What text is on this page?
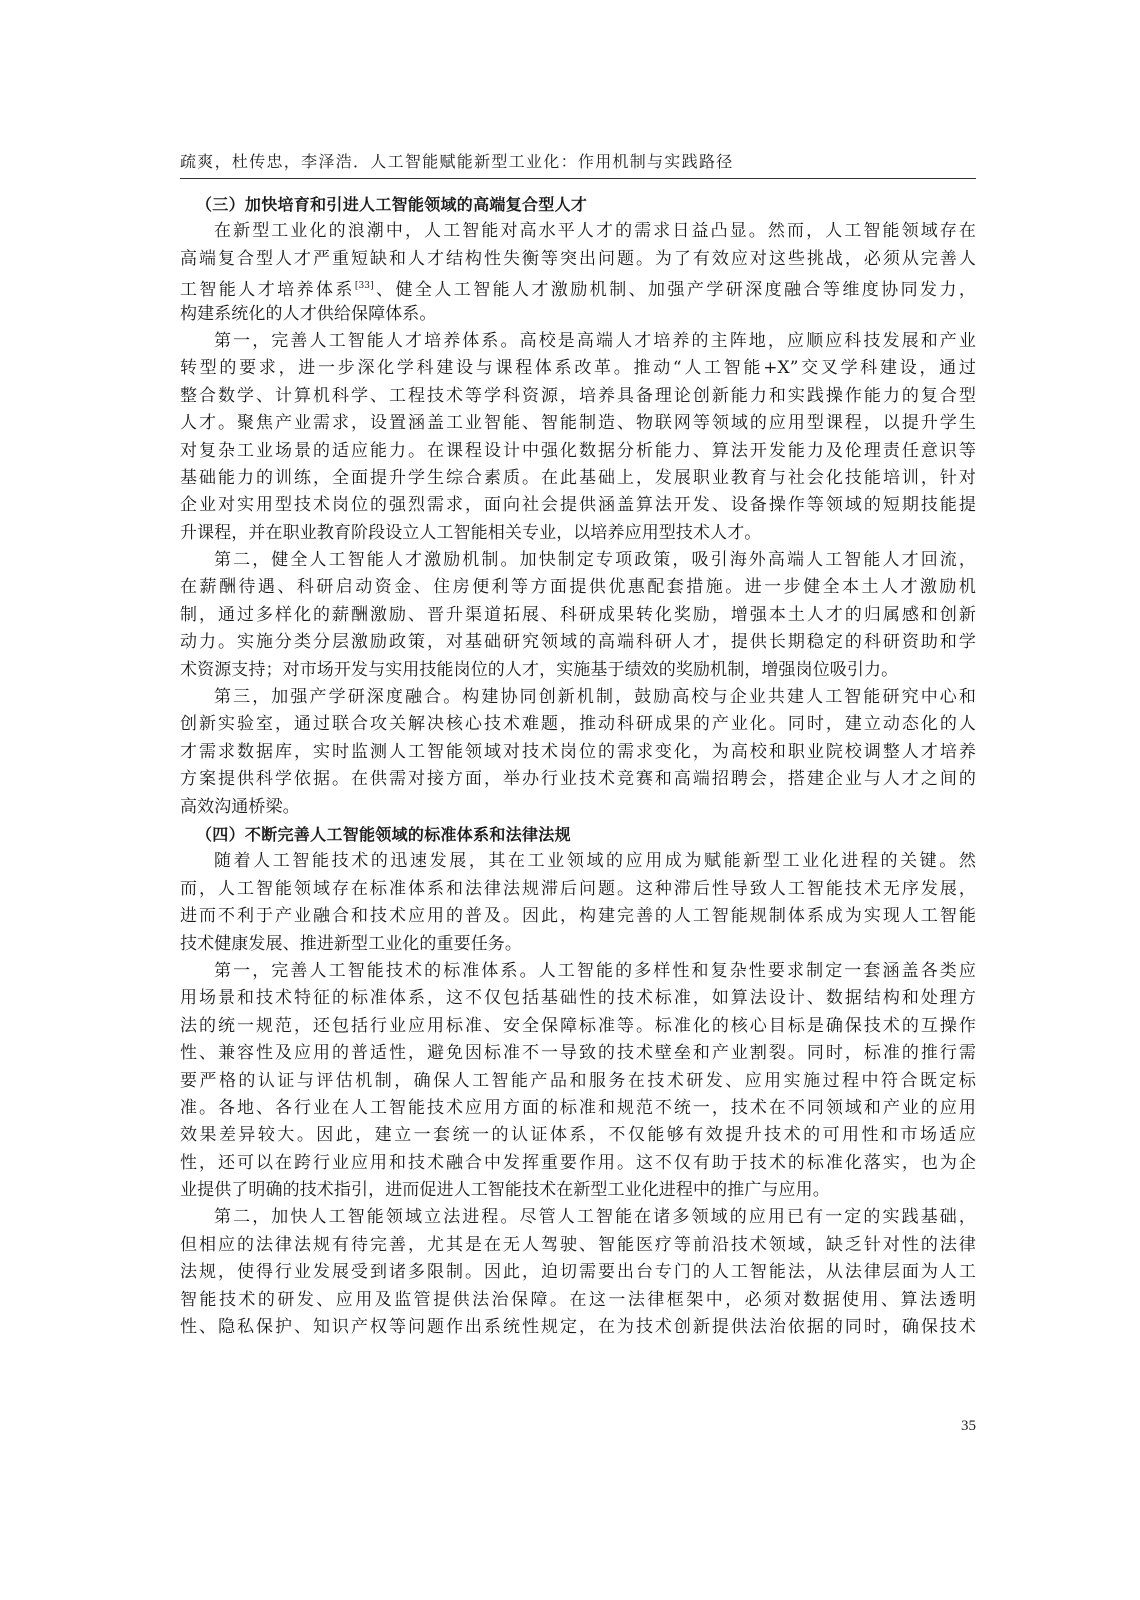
疏爽，杜传忠，李泽浩．人工智能赋能新型工业化：作用机制与实践路径
（三）加快培育和引进人工智能领域的高端复合型人才
在新型工业化的浪潮中，人工智能对高水平人才的需求日益凸显。然而，人工智能领域存在
高端复合型人才严重短缺和人才结构性失衡等突出问题。为了有效应对这些挑战，必须从完善人
工智能人才培养体系[33]、健全人工智能人才激励机制、加强产学研深度融合等维度协同发力，
构建系统化的人才供给保障体系。
第一，完善人工智能人才培养体系。高校是高端人才培养的主阵地，应顺应科技发展和产业
转型的要求，进一步深化学科建设与课程体系改革。推动“人工智能+X”交叉学科建设，通过
整合数学、计算机科学、工程技术等学科资源，培养具备理论创新能力和实践操作能力的复合型
人才。聚焦产业需求，设置涵盖工业智能、智能制造、物联网等领域的应用型课程，以提升学生
对复杂工业场景的适应能力。在课程设计中强化数据分析能力、算法开发能力及伦理责任意识等
基础能力的训练，全面提升学生综合素质。在此基础上，发展职业教育与社会化技能培训，针对
企业对实用型技术岗位的强烈需求，面向社会提供涵盖算法开发、设备操作等领域的短期技能提
升课程，并在职业教育阶段设立人工智能相关专业，以培养应用型技术人才。
第二，健全人工智能人才激励机制。加快制定专项政策，吸引海外高端人工智能人才回流，
在薪酬待遇、科研启动资金、住房便利等方面提供优惠配套措施。进一步健全本土人才激励机
制，通过多样化的薪酬激励、晋升渠道拓展、科研成果转化奖励，增强本土人才的归属感和创新
动力。实施分类分层激励政策，对基础研究领域的高端科研人才，提供长期稳定的科研资助和学
术资源支持；对市场开发与实用技能岗位的人才，实施基于绩效的奖励机制，增强岗位吸引力。
第三，加强产学研深度融合。构建协同创新机制，鼓励高校与企业共建人工智能研究中心和
创新实验室，通过联合攻关解决核心技术难题，推动科研成果的产业化。同时，建立动态化的人
才需求数据库，实时监测人工智能领域对技术岗位的需求变化，为高校和职业院校调整人才培养
方案提供科学依据。在供需对接方面，举办行业技术竞赛和高端招聘会，搭建企业与人才之间的
高效沟通桥梁。
（四）不断完善人工智能领域的标准体系和法律法规
随着人工智能技术的迅速发展，其在工业领域的应用成为赋能新型工业化进程的关键。然
而，人工智能领域存在标准体系和法律法规滞后问题。这种滞后性导致人工智能技术无序发展，
进而不利于产业融合和技术应用的普及。因此，构建完善的人工智能规制体系成为实现人工智能
技术健康发展、推进新型工业化的重要任务。
第一，完善人工智能技术的标准体系。人工智能的多样性和复杂性要求制定一套涵盖各类应
用场景和技术特征的标准体系，这不仅包括基础性的技术标准，如算法设计、数据结构和处理方
法的统一规范，还包括行业应用标准、安全保障标准等。标准化的核心目标是确保技术的互操作
性、兼容性及应用的普适性，避免因标准不一导致的技术壁垒和产业割裂。同时，标准的推行需
要严格的认证与评估机制，确保人工智能产品和服务在技术研发、应用实施过程中符合既定标
准。各地、各行业在人工智能技术应用方面的标准和规范不统一，技术在不同领域和产业的应用
效果差异较大。因此，建立一套统一的认证体系，不仅能够有效提升技术的可用性和市场适应
性，还可以在跨行业应用和技术融合中发挥重要作用。这不仅有助于技术的标准化落实，也为企
业提供了明确的技术指引，进而促进人工智能技术在新型工业化进程中的推广与应用。
第二，加快人工智能领域立法进程。尽管人工智能在诸多领域的应用已有一定的实践基础，
但相应的法律法规有待完善，尤其是在无人驾驶、智能医疗等前沿技术领域，缺乏针对性的法律
法规，使得行业发展受到诸多限制。因此，迫切需要出台专门的人工智能法，从法律层面为人工
智能技术的研发、应用及监管提供法治保障。在这一法律框架中，必须对数据使用、算法透明
性、隐私保护、知识产权等问题作出系统性规定，在为技术创新提供法治依据的同时，确保技术
35
